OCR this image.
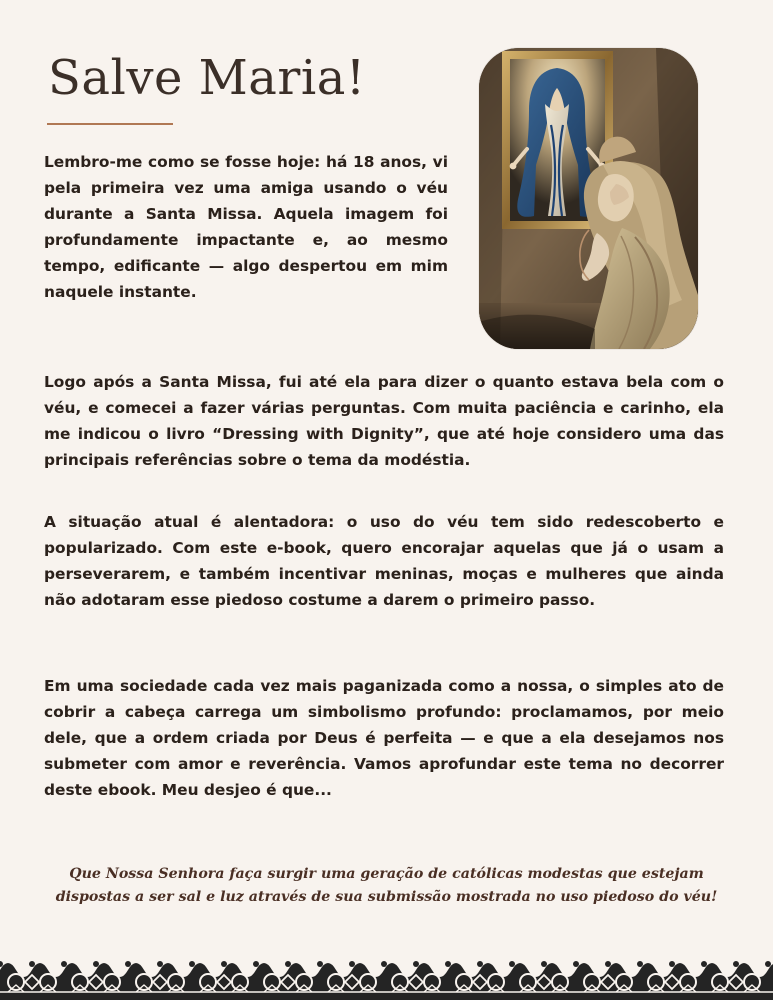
Salve Maria!

Lembro-me como se fosse hoje: há 18 anos, vi pela primeira vez uma amiga usando o véu durante a Santa Missa. Aquela imagem foi profundamente impactante e, ao mesmo tempo, edificante — algo despertou em mim naquele instante.

Logo após a Santa Missa, fui até ela para dizer o quanto estava bela com o véu, e comecei a fazer várias perguntas. Com muita paciência e carinho, ela me indicou o livro “Dressing with Dignity”, que até hoje considero uma das principais referências sobre o tema da modéstia.

A situação atual é alentadora: o uso do véu tem sido redescoberto e popularizado. Com este e-book, quero encorajar aquelas que já o usam a perseverarem, e também incentivar meninas, moças e mulheres que ainda não adotaram esse piedoso costume a darem o primeiro passo.

Em uma sociedade cada vez mais paganizada como a nossa, o simples ato de cobrir a cabeça carrega um simbolismo profundo: proclamamos, por meio dele, que a ordem criada por Deus é perfeita — e que a ela desejamos nos submeter com amor e reverência. Vamos aprofundar este tema no decorrer deste ebook. Meu desjeo é que...

Que Nossa Senhora faça surgir uma geração de católicas modestas que estejam dispostas a ser sal e luz através de sua submissão mostrada no uso piedoso do véu!
